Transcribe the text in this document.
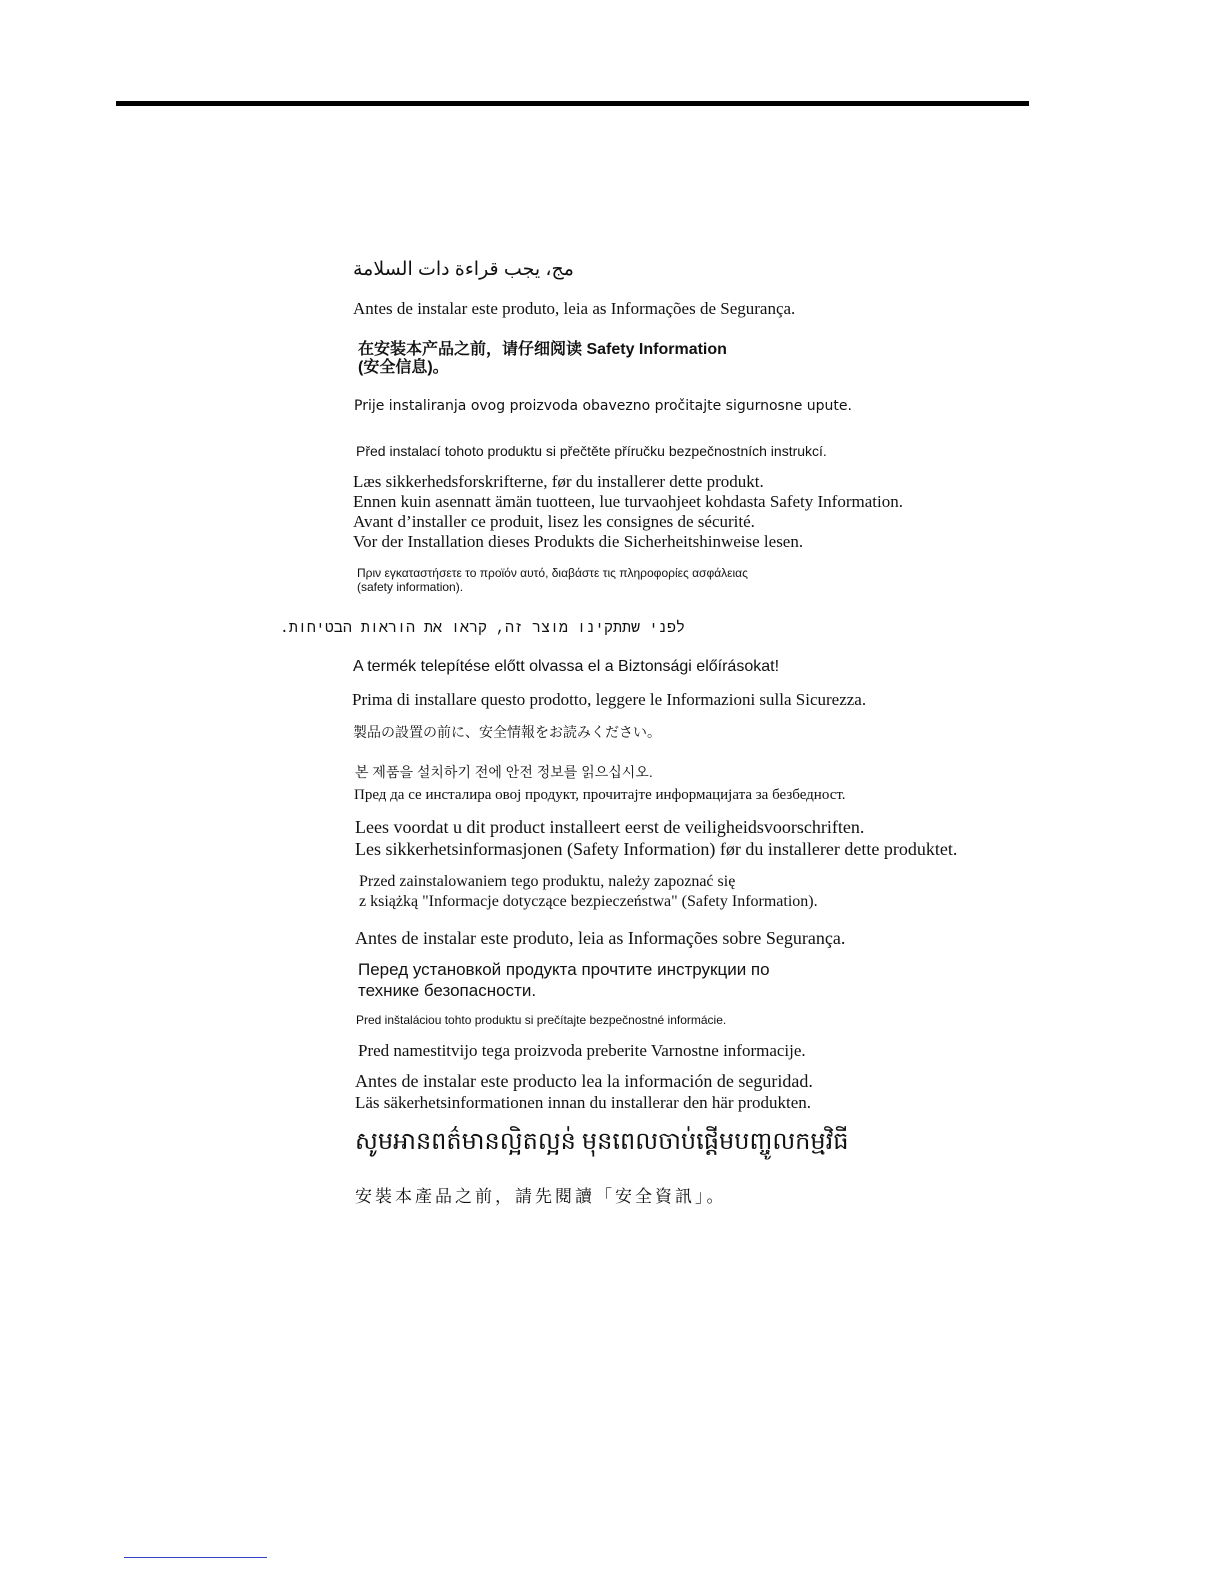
مج، يجب قراءة دات السلامة
Antes de instalar este produto, leia as Informações de Segurança.
在安装本产品之前，请仔细阅读 Safety Information
(安全信息)。
Prije instaliranja ovog proizvoda obavezno pročitajte sigurnosne upute.
Před instalací tohoto produktu si přečtěte příručku bezpečnostních instrukcí.
Læs sikkerhedsforskrifterne, før du installerer dette produkt.
Ennen kuin asennatt ämän tuotteen, lue turvaohjeet kohdasta Safety Information.
Avant d’installer ce produit, lisez les consignes de sécurité.
Vor der Installation dieses Produkts die Sicherheitshinweise lesen.
Πριν εγκαταστήσετε το προϊόν αυτό, διαβάστε τις πληροφορίες ασφάλειας
(safety information).
לפני שתתקינו מוצר זה, קראו את הוראות הבטיחות.
A termék telepítése előtt olvassa el a Biztonsági előírásokat!
Prima di installare questo prodotto, leggere le Informazioni sulla Sicurezza.
製品の設置の前に、安全情報をお読みください。
본 제품을 설치하기 전에 안전 정보를 읽으십시오.
Пред да се инсталира овој продукт, прочитајте информацијата за безбедност.
Lees voordat u dit product installeert eerst de veiligheidsvoorschriften.
Les sikkerhetsinformasjonen (Safety Information) før du installerer dette produktet.
Przed zainstalowaniem tego produktu, należy zapoznać się
z książką "Informacje dotyczące bezpieczeństwa" (Safety Information).
Antes de instalar este produto, leia as Informações sobre Segurança.
Перед установкой продукта прочтите инструкции по
технике безопасности.
Pred inštaláciou tohto produktu si prečítajte bezpečnostné informácie.
Pred namestitvijo tega proizvoda preberite Varnostne informacije.
Antes de instalar este producto lea la información de seguridad.
Läs säkerhetsinformationen innan du installerar den här produkten.
សូមអានពត៌មានល្អិតល្អន់ មុនពេលចាប់ផ្តើមបញ្ចូលកម្មវិធី
安裝本產品之前，請先閱讀「安全資訊」。
